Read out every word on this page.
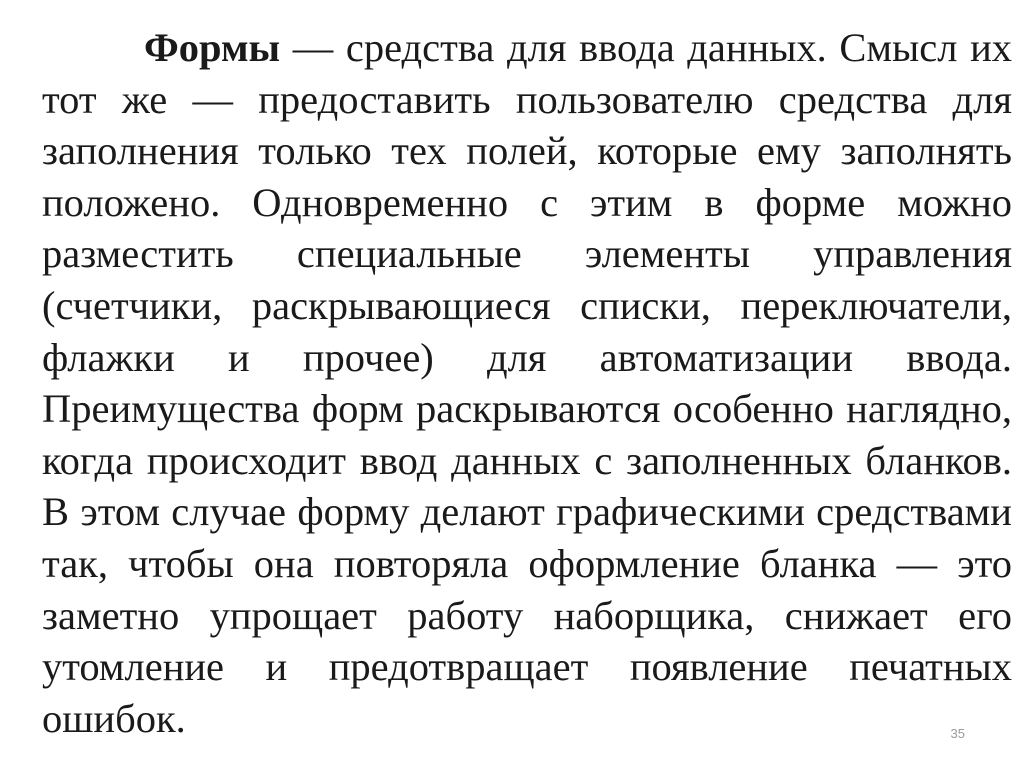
Формы — средства для ввода данных. Смысл их тот же — предоставить пользователю средства для заполнения только тех полей, которые ему заполнять положено. Одновременно с этим в форме можно разместить специальные элементы управления (счетчики, раскрывающиеся списки, переключатели, флажки и прочее) для автоматизации ввода. Преимущества форм раскрываются особенно наглядно, когда происходит ввод данных с заполненных бланков. В этом случае форму делают графическими средствами так, чтобы она повторяла оформление бланка — это заметно упрощает работу наборщика, снижает его утомление и предотвращает появление печатных ошибок.	35
